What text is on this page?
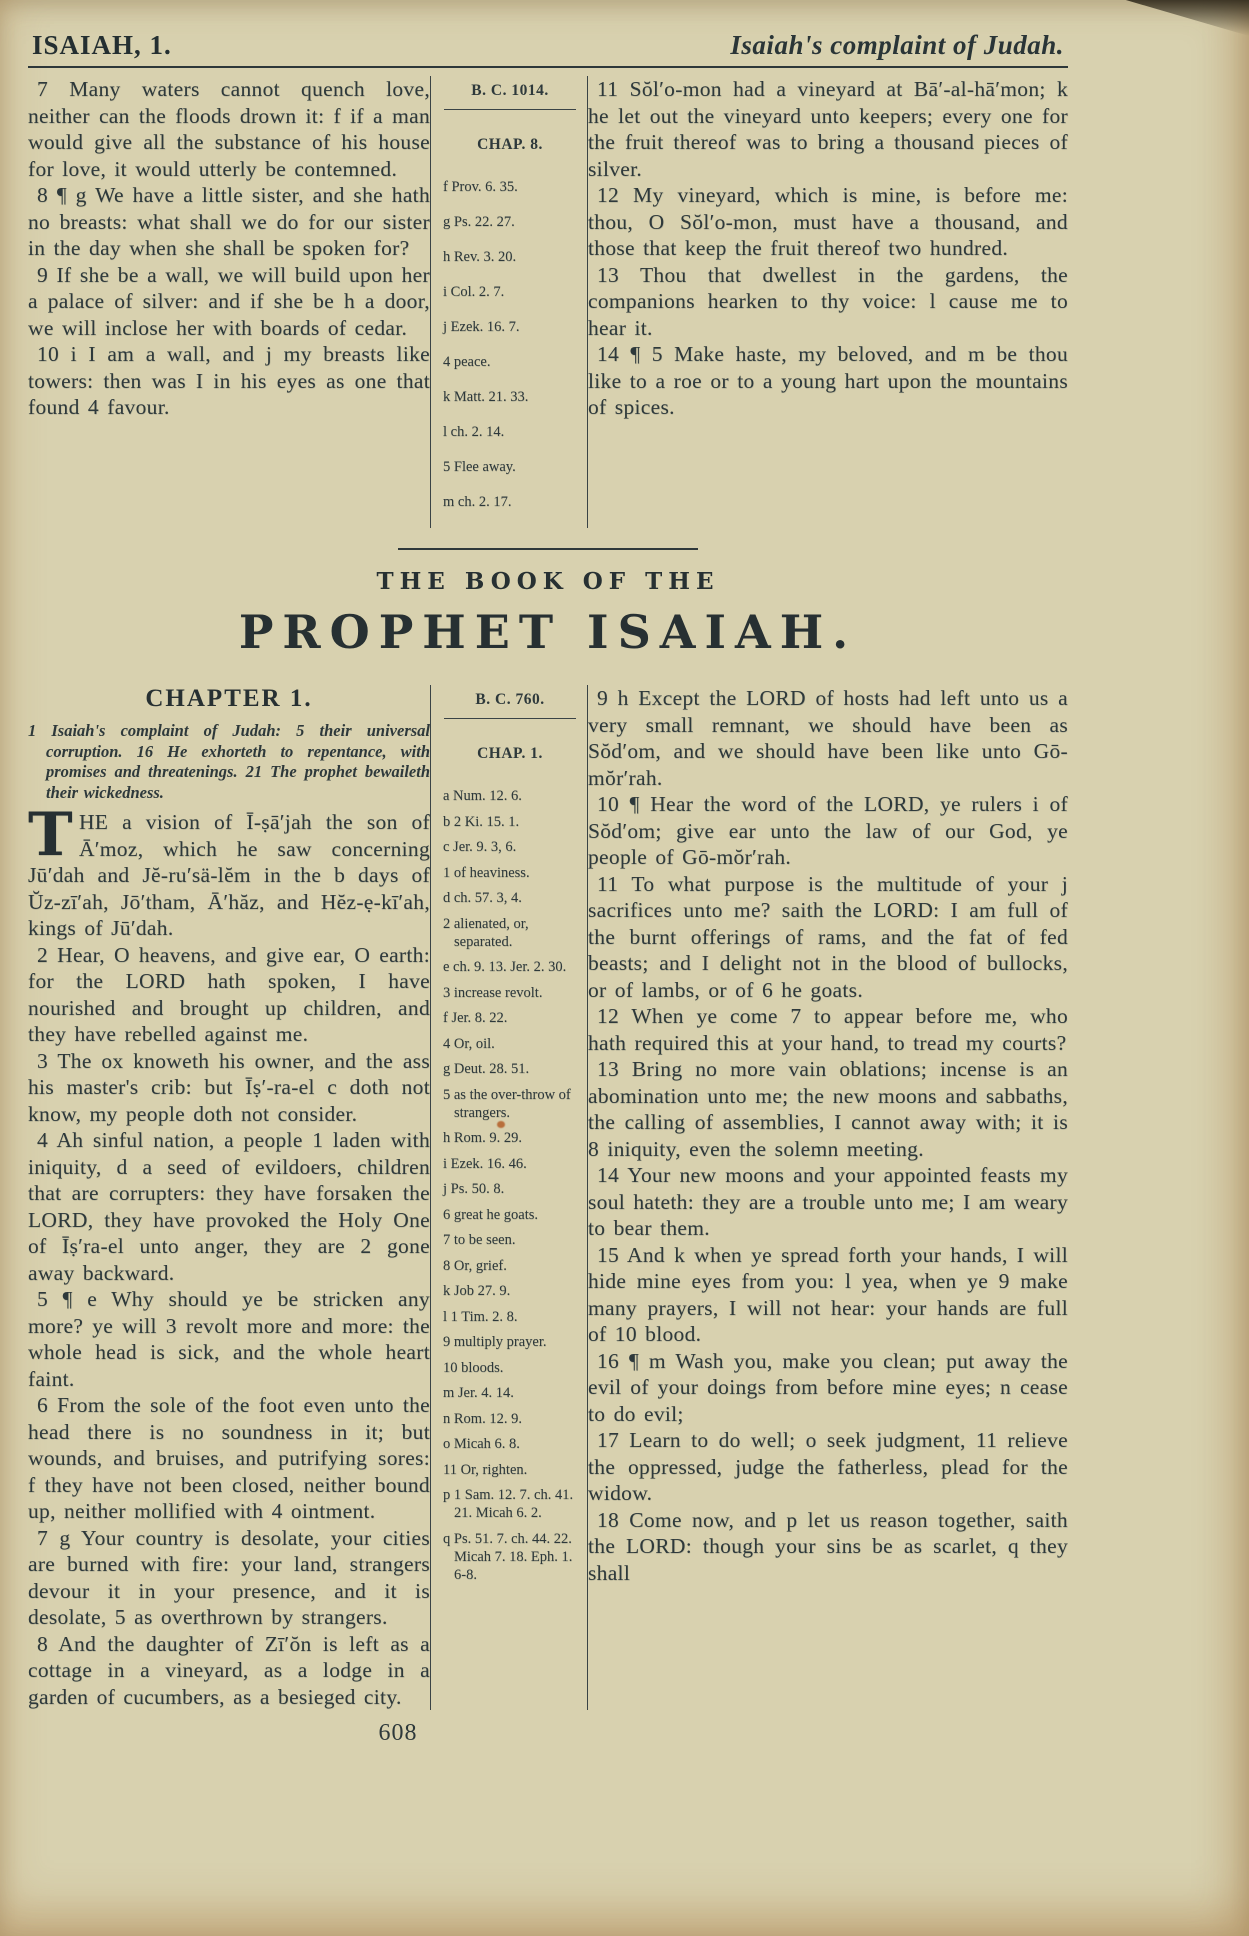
ISAIAH, 1.	Isaiah's complaint of Judah.

7 Many waters cannot quench love, neither can the floods drown it: f if a man would give all the substance of his house for love, it would utterly be contemned.

8 ¶ g We have a little sister, and she hath no breasts: what shall we do for our sister in the day when she shall be spoken for?

9 If she be a wall, we will build upon her a palace of silver: and if she be h a door, we will inclose her with boards of cedar.

10 i I am a wall, and j my breasts like towers: then was I in his eyes as one that found 4 favour.

B. C. 1014.
CHAP. 8.

f Prov. 6. 35.

g Ps. 22. 27.

h Rev. 3. 20.

i Col. 2. 7.

j Ezek. 16. 7.

4 peace.

k Matt. 21. 33.

l ch. 2. 14.

5 Flee away.

m ch. 2. 17.

11 Sŏl′o-mon had a vineyard at Bā′-al-hā′mon; k he let out the vineyard unto keepers; every one for the fruit thereof was to bring a thousand pieces of silver.

12 My vineyard, which is mine, is before me: thou, O Sŏl′o-mon, must have a thousand, and those that keep the fruit thereof two hundred.

13 Thou that dwellest in the gardens, the companions hearken to thy voice: l cause me to hear it.

14 ¶ 5 Make haste, my beloved, and m be thou like to a roe or to a young hart upon the mountains of spices.

THE BOOK OF THE
PROPHET ISAIAH.
CHAPTER 1.

1 Isaiah's complaint of Judah: 5 their universal corruption. 16 He exhorteth to repentance, with promises and threatenings. 21 The prophet bewaileth their wickedness.

THE a vision of Ī-ṣā′jah the son of Ā′moz, which he saw concerning Jū′dah and Jĕ-ru′sä-lĕm in the b days of Ŭz-zī′ah, Jō′tham, Ā′hăz, and Hĕz-ẹ-kī′ah, kings of Jū′dah.

2 Hear, O heavens, and give ear, O earth: for the LORD hath spoken, I have nourished and brought up children, and they have rebelled against me.

3 The ox knoweth his owner, and the ass his master's crib: but Īṣ′-ra-el c doth not know, my people doth not consider.

4 Ah sinful nation, a people 1 laden with iniquity, d a seed of evildoers, children that are corrupters: they have forsaken the LORD, they have provoked the Holy One of Īṣ′ra-el unto anger, they are 2 gone away backward.

5 ¶ e Why should ye be stricken any more? ye will 3 revolt more and more: the whole head is sick, and the whole heart faint.

6 From the sole of the foot even unto the head there is no soundness in it; but wounds, and bruises, and putrifying sores: f they have not been closed, neither bound up, neither mollified with 4 ointment.

7 g Your country is desolate, your cities are burned with fire: your land, strangers devour it in your presence, and it is desolate, 5 as overthrown by strangers.

8 And the daughter of Zī′ŏn is left as a cottage in a vineyard, as a lodge in a garden of cucumbers, as a besieged city.

B. C. 760.
CHAP. 1.

a Num. 12. 6.

b 2 Ki. 15. 1.

c Jer. 9. 3, 6.

1 of heaviness.

d ch. 57. 3, 4.

2 alienated, or, separated.

e ch. 9. 13. Jer. 2. 30.

3 increase revolt.

f Jer. 8. 22.

4 Or, oil.

g Deut. 28. 51.

5 as the over-throw of strangers.

h Rom. 9. 29.

i Ezek. 16. 46.

j Ps. 50. 8.

6 great he goats.

7 to be seen.

8 Or, grief.

k Job 27. 9.

l 1 Tim. 2. 8.

9 multiply prayer.

10 bloods.

m Jer. 4. 14.

n Rom. 12. 9.

o Micah 6. 8.

11 Or, righten.

p 1 Sam. 12. 7. ch. 41. 21. Micah 6. 2.

q Ps. 51. 7. ch. 44. 22. Micah 7. 18. Eph. 1. 6-8.

9 h Except the LORD of hosts had left unto us a very small remnant, we should have been as Sŏd′om, and we should have been like unto Gō-mŏr′rah.

10 ¶ Hear the word of the LORD, ye rulers i of Sŏd′om; give ear unto the law of our God, ye people of Gō-mŏr′rah.

11 To what purpose is the multitude of your j sacrifices unto me? saith the LORD: I am full of the burnt offerings of rams, and the fat of fed beasts; and I delight not in the blood of bullocks, or of lambs, or of 6 he goats.

12 When ye come 7 to appear before me, who hath required this at your hand, to tread my courts?

13 Bring no more vain oblations; incense is an abomination unto me; the new moons and sabbaths, the calling of assemblies, I cannot away with; it is 8 iniquity, even the solemn meeting.

14 Your new moons and your appointed feasts my soul hateth: they are a trouble unto me; I am weary to bear them.

15 And k when ye spread forth your hands, I will hide mine eyes from you: l yea, when ye 9 make many prayers, I will not hear: your hands are full of 10 blood.

16 ¶ m Wash you, make you clean; put away the evil of your doings from before mine eyes; n cease to do evil;

17 Learn to do well; o seek judgment, 11 relieve the oppressed, judge the fatherless, plead for the widow.

18 Come now, and p let us reason together, saith the LORD: though your sins be as scarlet, q they shall

608
